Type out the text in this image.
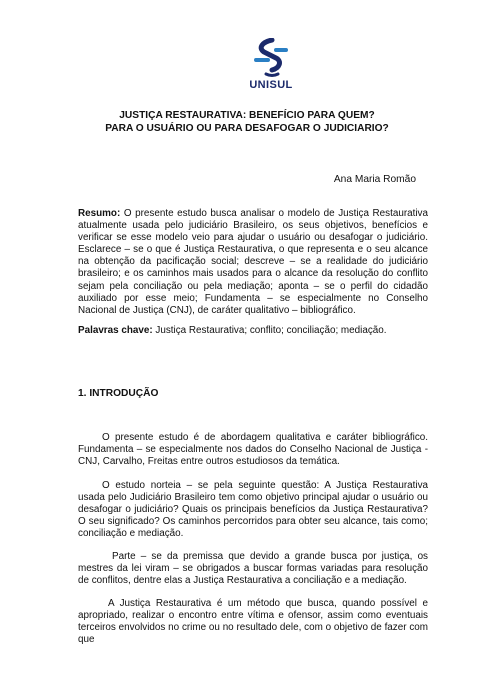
UNISUL
JUSTIÇA RESTAURATIVA: BENEFÍCIO PARA QUEM?
PARA O USUÁRIO OU PARA DESAFOGAR O JUDICIARIO?
Ana Maria Romão
Resumo: O presente estudo busca analisar o modelo de Justiça Restaurativa atualmente usada pelo judiciário Brasileiro, os seus objetivos, benefícios e verificar se esse modelo veio para ajudar o usuário ou desafogar o judiciário. Esclarece – se o que é Justiça Restaurativa, o que representa e o seu alcance na obtenção da pacificação social; descreve – se a realidade do judiciário brasileiro; e os caminhos mais usados para o alcance da resolução do conflito sejam pela conciliação ou pela mediação; aponta – se o perfil do cidadão auxiliado por esse meio; Fundamenta – se especialmente no Conselho Nacional de Justiça (CNJ), de caráter qualitativo – bibliográfico.
Palavras chave: Justiça Restaurativa; conflito; conciliação; mediação.
1. INTRODUÇÃO
O presente estudo é de abordagem qualitativa e caráter bibliográfico. Fundamenta – se especialmente nos dados do Conselho Nacional de Justiça - CNJ, Carvalho, Freitas entre outros estudiosos da temática.
O estudo norteia – se pela seguinte questão: A Justiça Restaurativa usada pelo Judiciário Brasileiro tem como objetivo principal ajudar o usuário ou desafogar o judiciário? Quais os principais benefícios da Justiça Restaurativa? O seu significado? Os caminhos percorridos para obter seu alcance, tais como; conciliação e mediação.
Parte – se da premissa que devido a grande busca por justiça, os mestres da lei viram – se obrigados a buscar formas variadas para resolução de conflitos, dentre elas a Justiça Restaurativa a conciliação e a mediação.
A Justiça Restaurativa é um método que busca, quando possível e apropriado, realizar o encontro entre vítima e ofensor, assim como eventuais terceiros envolvidos no crime ou no resultado dele, com o objetivo de fazer com que
